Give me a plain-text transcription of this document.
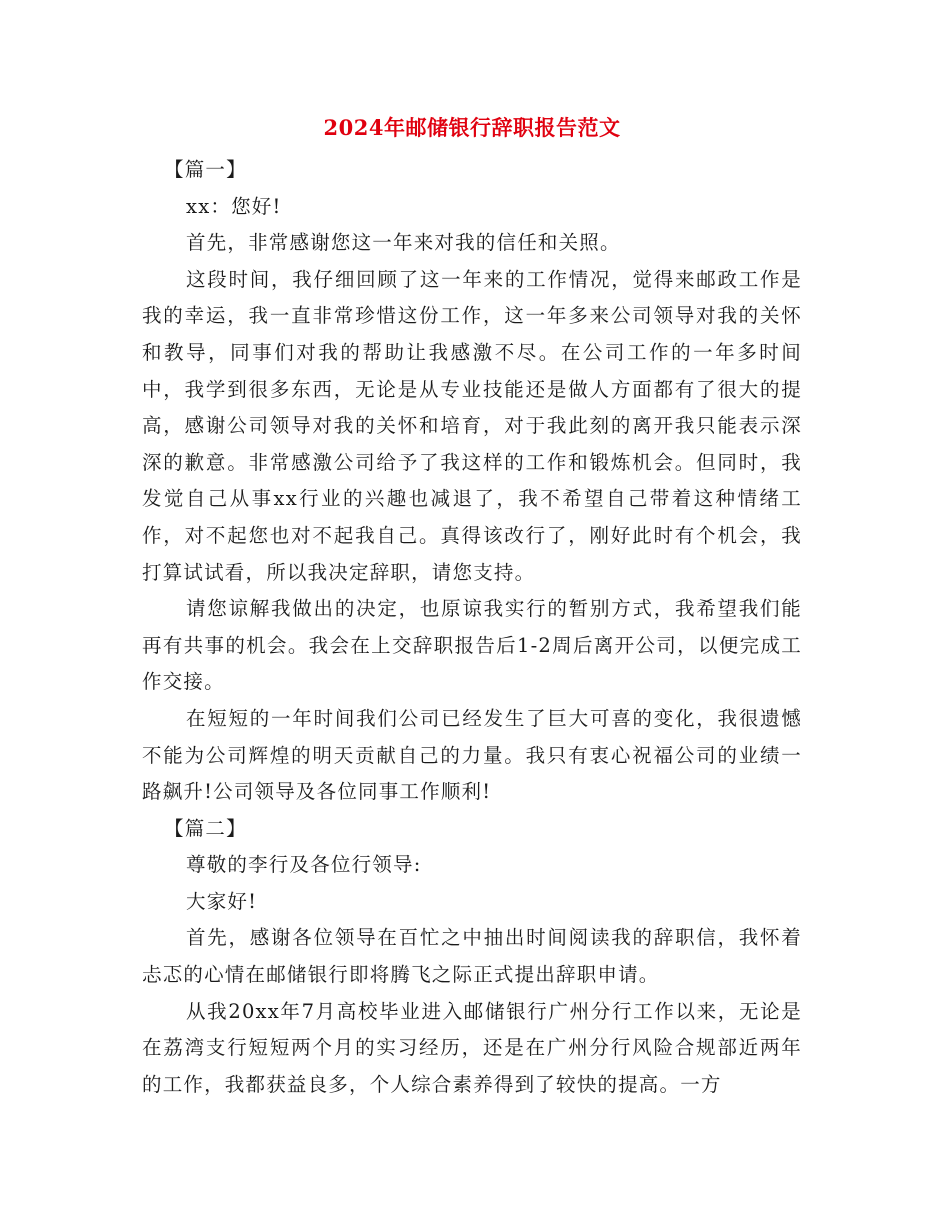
2024年邮储银行辞职报告范文
【篇一】
xx：您好!
首先，非常感谢您这一年来对我的信任和关照。
这段时间，我仔细回顾了这一年来的工作情况，觉得来邮政工作是我的幸运，我一直非常珍惜这份工作，这一年多来公司领导对我的关怀和教导，同事们对我的帮助让我感激不尽。在公司工作的一年多时间中，我学到很多东西，无论是从专业技能还是做人方面都有了很大的提高，感谢公司领导对我的关怀和培育，对于我此刻的离开我只能表示深深的歉意。非常感激公司给予了我这样的工作和锻炼机会。但同时，我发觉自己从事xx行业的兴趣也减退了，我不希望自己带着这种情绪工作，对不起您也对不起我自己。真得该改行了，刚好此时有个机会，我打算试试看，所以我决定辞职，请您支持。
请您谅解我做出的决定，也原谅我实行的暂别方式，我希望我们能再有共事的机会。我会在上交辞职报告后1-2周后离开公司，以便完成工作交接。
在短短的一年时间我们公司已经发生了巨大可喜的变化，我很遗憾不能为公司辉煌的明天贡献自己的力量。我只有衷心祝福公司的业绩一路飙升!公司领导及各位同事工作顺利!
【篇二】
尊敬的李行及各位行领导:
大家好!
首先，感谢各位领导在百忙之中抽出时间阅读我的辞职信，我怀着忐忑的心情在邮储银行即将腾飞之际正式提出辞职申请。
从我20xx年7月高校毕业进入邮储银行广州分行工作以来，无论是在荔湾支行短短两个月的实习经历，还是在广州分行风险合规部近两年的工作，我都获益良多，个人综合素养得到了较快的提高。一方
